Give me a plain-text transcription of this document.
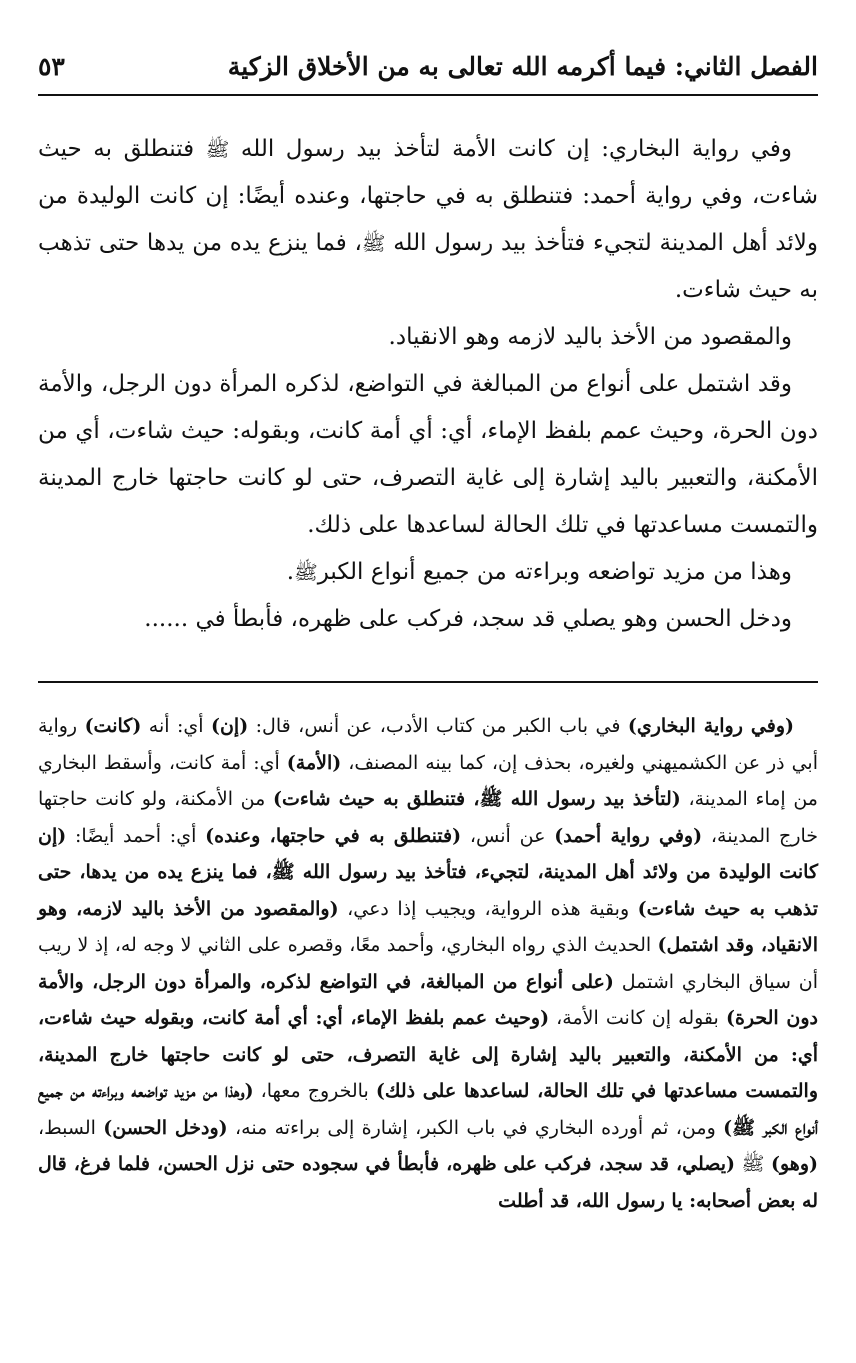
الفصل الثاني: فيما أكرمه الله تعالى به من الأخلاق الزكية
٥٣

وفي رواية البخاري: إن كانت الأمة لتأخذ بيد رسول الله ﷺ فتنطلق به حيث شاءت، وفي رواية أحمد: فتنطلق به في حاجتها، وعنده أيضًا: إن كانت الوليدة من ولائد أهل المدينة لتجيء فتأخذ بيد رسول الله ﷺ، فما ينزع يده من يدها حتى تذهب به حيث شاءت.

والمقصود من الأخذ باليد لازمه وهو الانقياد.

وقد اشتمل على أنواع من المبالغة في التواضع، لذكره المرأة دون الرجل، والأمة دون الحرة، وحيث عمم بلفظ الإماء، أي: أي أمة كانت، وبقوله: حيث شاءت، أي من الأمكنة، والتعبير باليد إشارة إلى غاية التصرف، حتى لو كانت حاجتها خارج المدينة والتمست مساعدتها في تلك الحالة لساعدها على ذلك.

وهذا من مزيد تواضعه وبراءته من جميع أنواع الكبرﷺ.

ودخل الحسن وهو يصلي قد سجد، فركب على ظهره، فأبطأ في ......

(وفي رواية البخاري) في باب الكبر من كتاب الأدب، عن أنس، قال: (إن) أي: أنه (كانت) رواية أبي ذر عن الكشميهني ولغيره، بحذف إن، كما بينه المصنف، (الأمة) أي: أمة كانت، وأسقط البخاري من إماء المدينة، (لتأخذ بيد رسول الله ﷺ، فتنطلق به حيث شاءت) من الأمكنة، ولو كانت حاجتها خارج المدينة، (وفي رواية أحمد) عن أنس، (فتنطلق به في حاجتها، وعنده) أي: أحمد أيضًا: (إن كانت الوليدة من ولائد أهل المدينة، لتجيء، فتأخذ بيد رسول الله ﷺ، فما ينزع يده من يدها، حتى تذهب به حيث شاءت) وبقية هذه الرواية، ويجيب إذا دعي، (والمقصود من الأخذ باليد لازمه، وهو الانقياد، وقد اشتمل) الحديث الذي رواه البخاري، وأحمد معًا، وقصره على الثاني لا وجه له، إذ لا ريب أن سياق البخاري اشتمل (على أنواع من المبالغة، في التواضع لذكره، والمرأة دون الرجل، والأمة دون الحرة) بقوله إن كانت الأمة، (وحيث عمم بلفظ الإماء، أي: أي أمة كانت، وبقوله حيث شاءت، أي: من الأمكنة، والتعبير باليد إشارة إلى غاية التصرف، حتى لو كانت حاجتها خارج المدينة، والتمست مساعدتها في تلك الحالة، لساعدها على ذلك) بالخروج معها، (وهذا من مزيد تواضعه وبراءته من جميع أنواع الكبر ﷺ) ومن، ثم أورده البخاري في باب الكبر، إشارة إلى براءته منه، (ودخل الحسن) السبط، (وهو) ﷺ (يصلي، قد سجد، فركب على ظهره، فأبطأ في سجوده حتى نزل الحسن، فلما فرغ، قال له بعض أصحابه: يا رسول الله، قد أطلت
